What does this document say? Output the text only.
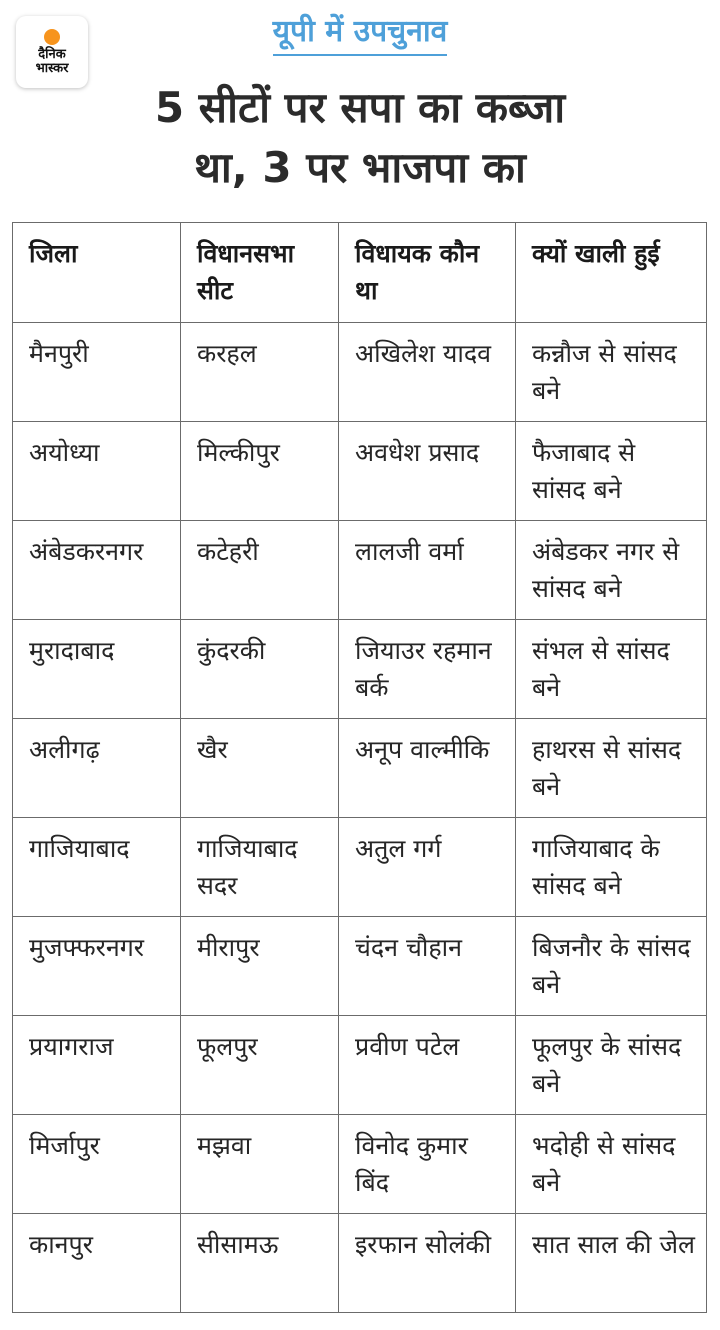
दैनिक
भास्कर
यूपी में उपचुनाव
5 सीटों पर सपा का कब्जा
था, 3 पर भाजपा का
जिला	विधानसभा सीट	विधायक कौन था	क्यों खाली हुई
मैनपुरी	करहल	अखिलेश यादव	कन्नौज से सांसद बने
अयोध्या	मिल्कीपुर	अवधेश प्रसाद	फैजाबाद से सांसद बने
अंबेडकरनगर	कटेहरी	लालजी वर्मा	अंबेडकर नगर से सांसद बने
मुरादाबाद	कुंदरकी	जियाउर रहमान बर्क	संभल से सांसद बने
अलीगढ़	खैर	अनूप वाल्मीकि	हाथरस से सांसद बने
गाजियाबाद	गाजियाबाद सदर	अतुल गर्ग	गाजियाबाद के सांसद बने
मुजफ्फरनगर	मीरापुर	चंदन चौहान	बिजनौर के सांसद बने
प्रयागराज	फूलपुर	प्रवीण पटेल	फूलपुर के सांसद बने
मिर्जापुर	मझवा	विनोद कुमार बिंद	भदोही से सांसद बने
कानपुर	सीसामऊ	इरफान सोलंकी	सात साल की जेल
